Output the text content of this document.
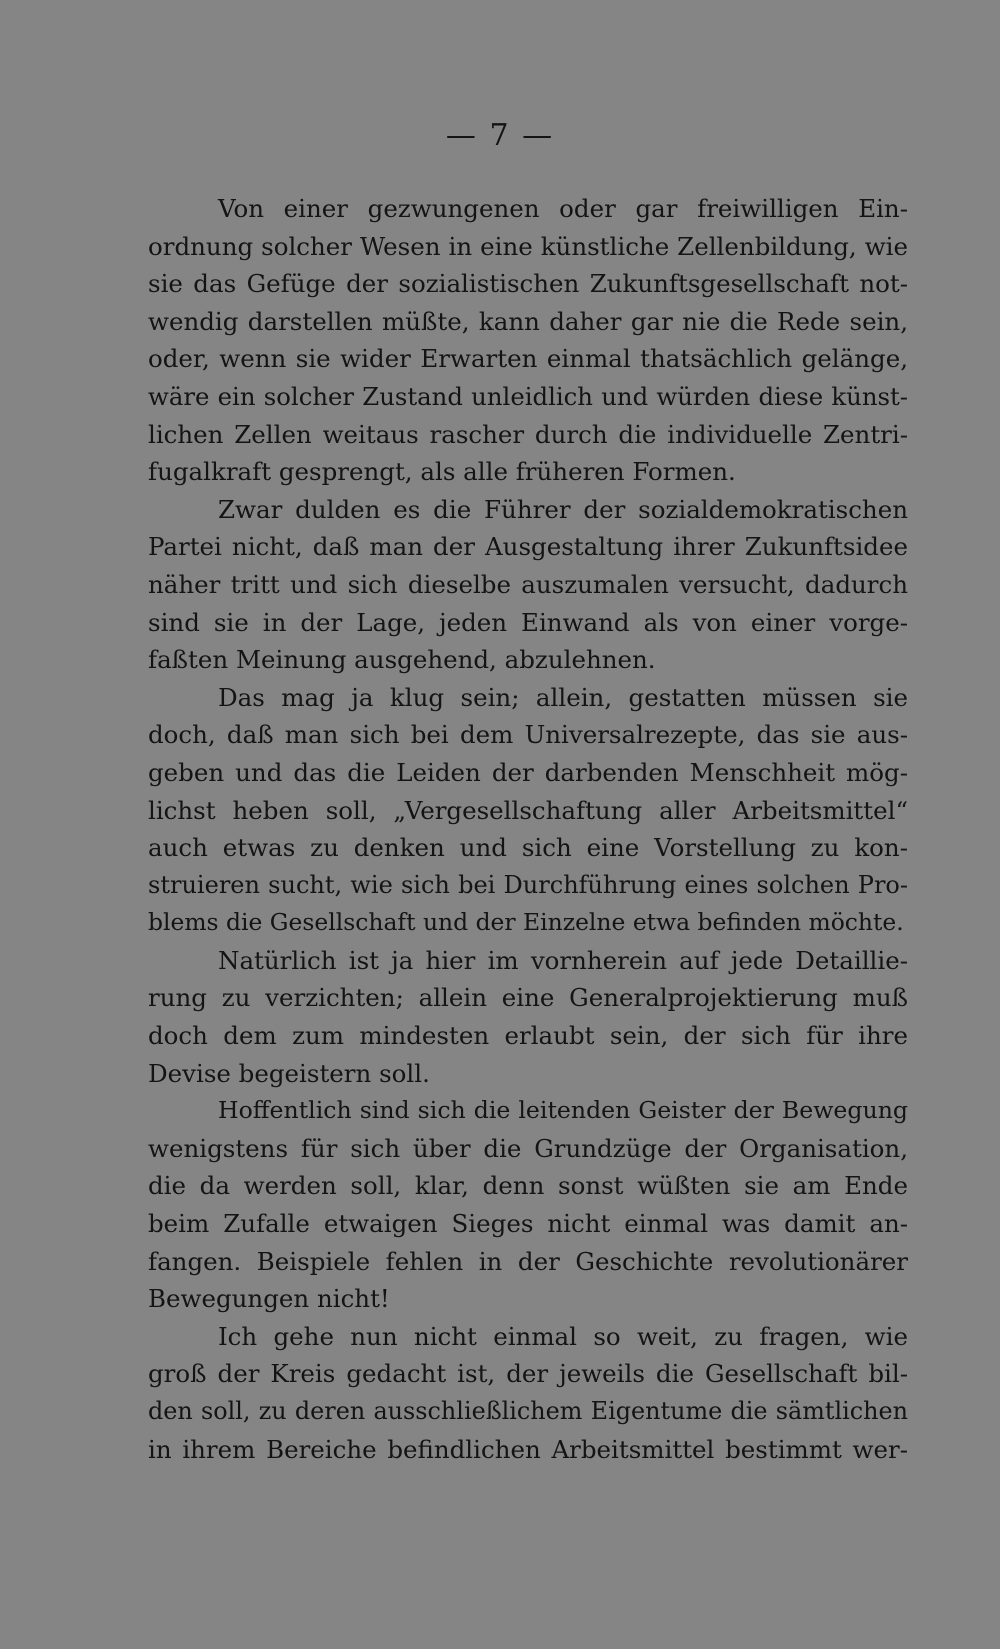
— 7 —
Von einer gezwungenen oder gar freiwilligen Ein-
ordnung solcher Wesen in eine künstliche Zellenbildung, wie
sie das Gefüge der sozialistischen Zukunftsgesellschaft not-
wendig darstellen müßte, kann daher gar nie die Rede sein,
oder, wenn sie wider Erwarten einmal thatsächlich gelänge,
wäre ein solcher Zustand unleidlich und würden diese künst-
lichen Zellen weitaus rascher durch die individuelle Zentri-
fugalkraft gesprengt, als alle früheren Formen.
Zwar dulden es die Führer der sozialdemokratischen
Partei nicht, daß man der Ausgestaltung ihrer Zukunftsidee
näher tritt und sich dieselbe auszumalen versucht, dadurch
sind sie in der Lage, jeden Einwand als von einer vorge-
faßten Meinung ausgehend, abzulehnen.
Das mag ja klug sein; allein, gestatten müssen sie
doch, daß man sich bei dem Universalrezepte, das sie aus-
geben und das die Leiden der darbenden Menschheit mög-
lichst heben soll, „Vergesellschaftung aller Arbeitsmittel“
auch etwas zu denken und sich eine Vorstellung zu kon-
struieren sucht, wie sich bei Durchführung eines solchen Pro-
blems die Gesellschaft und der Einzelne etwa befinden möchte.
Natürlich ist ja hier im vornherein auf jede Detaillie-
rung zu verzichten; allein eine Generalprojektierung muß
doch dem zum mindesten erlaubt sein, der sich für ihre
Devise begeistern soll.
Hoffentlich sind sich die leitenden Geister der Bewegung
wenigstens für sich über die Grundzüge der Organisation,
die da werden soll, klar, denn sonst wüßten sie am Ende
beim Zufalle etwaigen Sieges nicht einmal was damit an-
fangen. Beispiele fehlen in der Geschichte revolutionärer
Bewegungen nicht!
Ich gehe nun nicht einmal so weit, zu fragen, wie
groß der Kreis gedacht ist, der jeweils die Gesellschaft bil-
den soll, zu deren ausschließlichem Eigentume die sämtlichen
in ihrem Bereiche befindlichen Arbeitsmittel bestimmt wer-
